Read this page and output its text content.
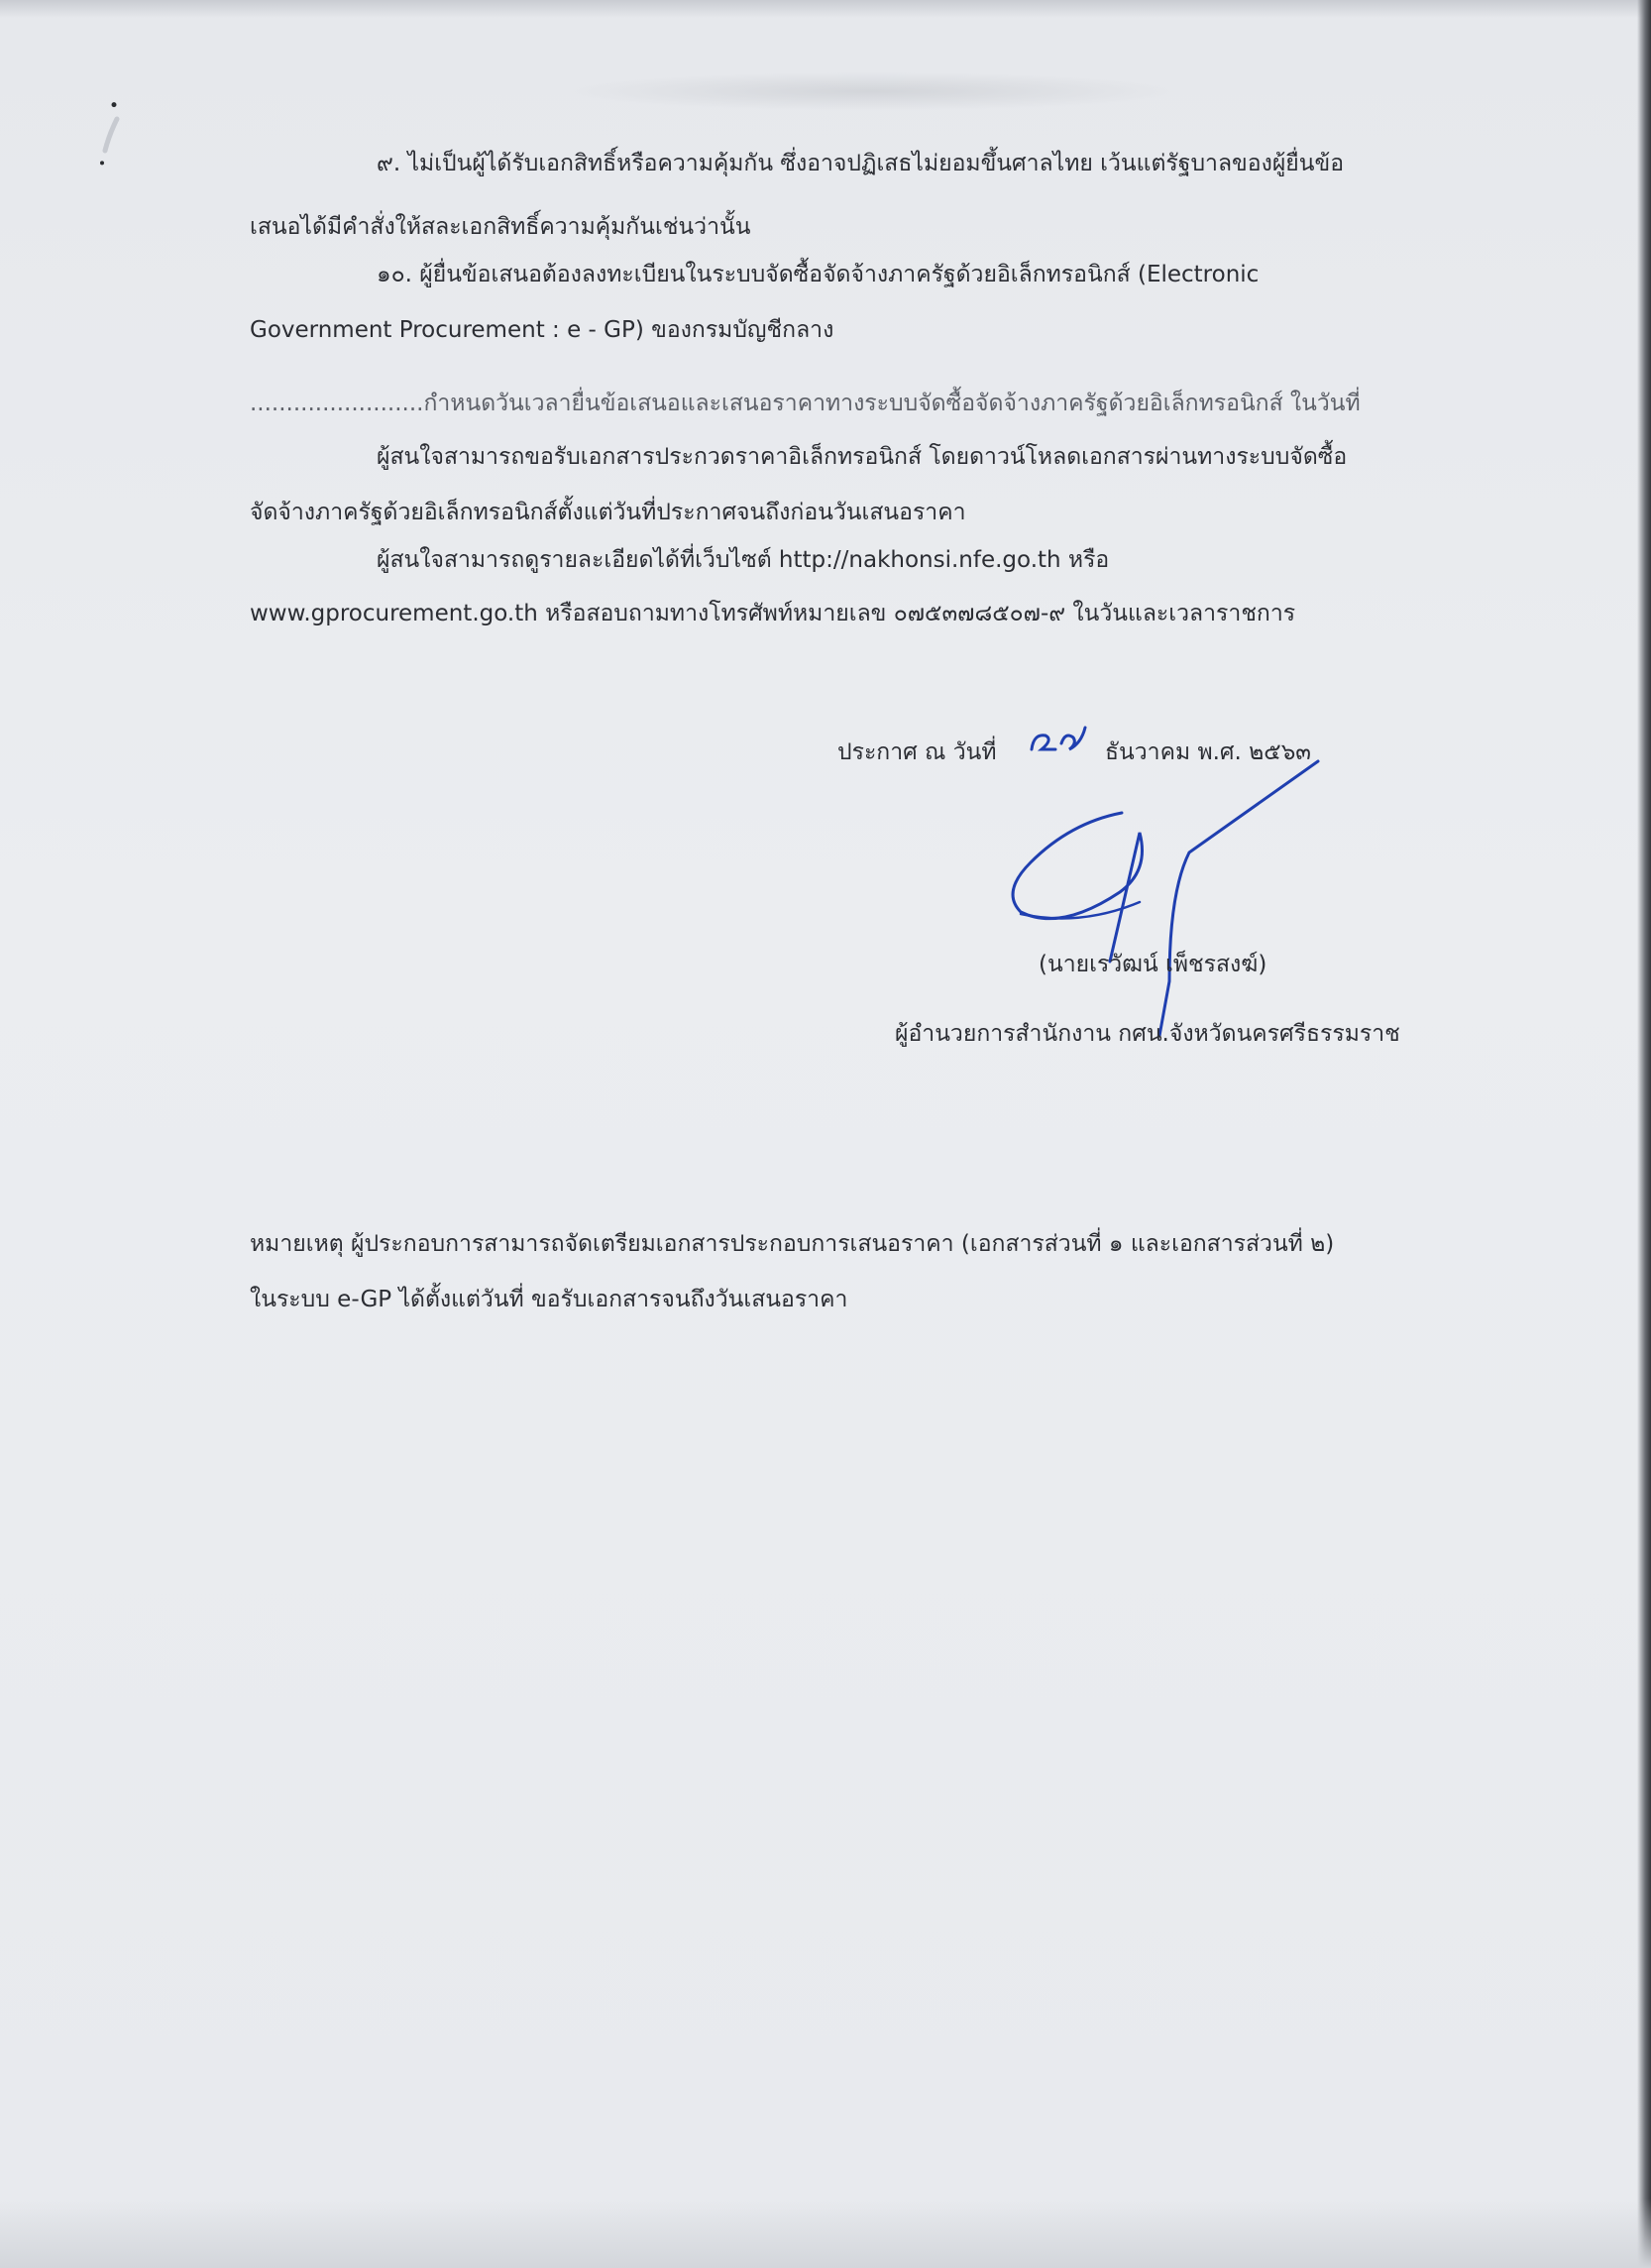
๙. ไม่เป็นผู้ได้รับเอกสิทธิ์หรือความคุ้มกัน ซึ่งอาจปฏิเสธไม่ยอมขึ้นศาลไทย เว้นแต่รัฐบาลของผู้ยื่นข้อ
เสนอได้มีคำสั่งให้สละเอกสิทธิ์ความคุ้มกันเช่นว่านั้น
๑๐. ผู้ยื่นข้อเสนอต้องลงทะเบียนในระบบจัดซื้อจัดจ้างภาครัฐด้วยอิเล็กทรอนิกส์ (Electronic
Government Procurement : e - GP) ของกรมบัญชีกลาง
........................กำหนดวันเวลายื่นข้อเสนอและเสนอราคาทางระบบจัดซื้อจัดจ้างภาครัฐด้วยอิเล็กทรอนิกส์ ในวันที่
ผู้สนใจสามารถขอรับเอกสารประกวดราคาอิเล็กทรอนิกส์ โดยดาวน์โหลดเอกสารผ่านทางระบบจัดซื้อ
จัดจ้างภาครัฐด้วยอิเล็กทรอนิกส์ตั้งแต่วันที่ประกาศจนถึงก่อนวันเสนอราคา
ผู้สนใจสามารถดูรายละเอียดได้ที่เว็บไซต์ http://nakhonsi.nfe.go.th หรือ
www.gprocurement.go.th หรือสอบถามทางโทรศัพท์หมายเลข ๐๗๕๓๗๘๕๐๗-๙ ในวันและเวลาราชการ
ประกาศ ณ วันที่	ธันวาคม พ.ศ. ๒๕๖๓
(นายเรวัฒน์ เพ็ชรสงฆ์)
ผู้อำนวยการสำนักงาน กศน.จังหวัดนครศรีธรรมราช
หมายเหตุ ผู้ประกอบการสามารถจัดเตรียมเอกสารประกอบการเสนอราคา (เอกสารส่วนที่ ๑ และเอกสารส่วนที่ ๒)
ในระบบ e-GP ได้ตั้งแต่วันที่ ขอรับเอกสารจนถึงวันเสนอราคา
